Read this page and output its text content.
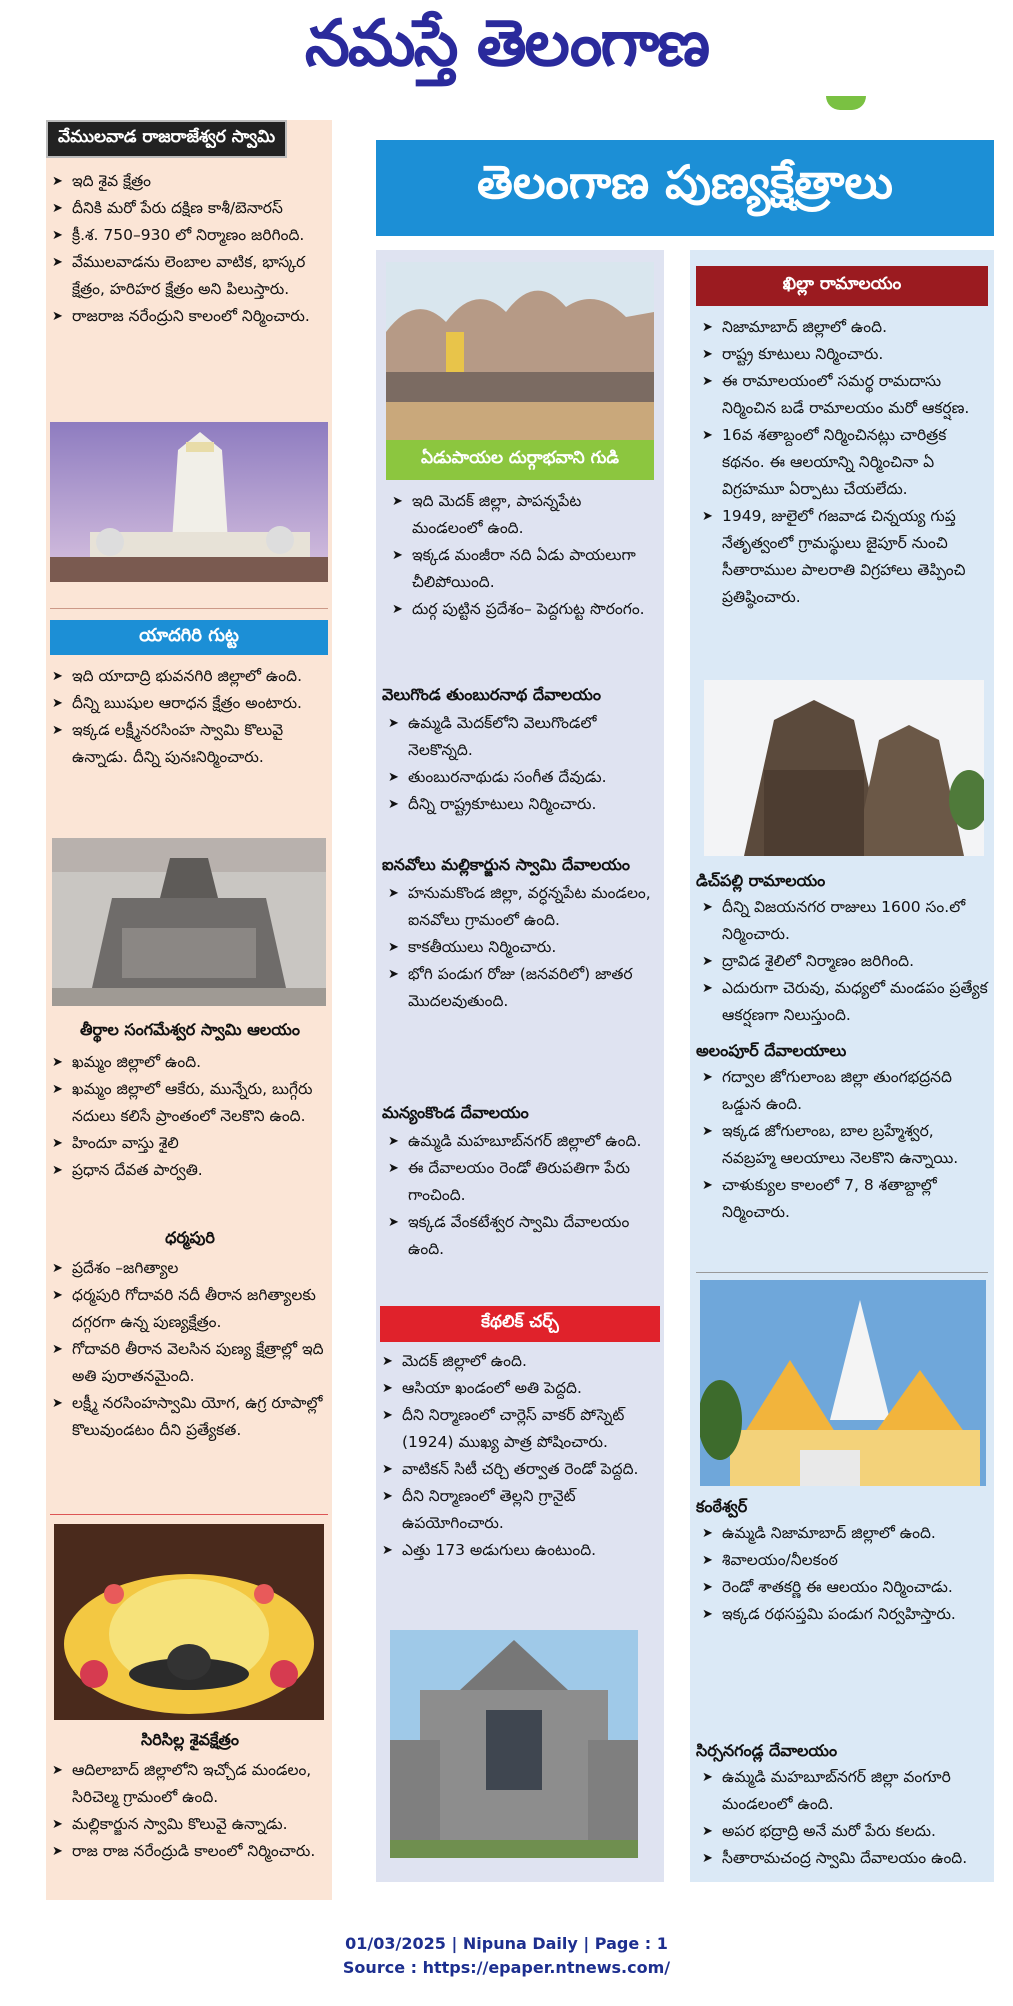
నమస్తే తెలంగాణ
తెలంగాణ పుణ్యక్షేత్రాలు
వేములవాడ రాజరాజేశ్వర స్వామి
➤ ఇది శైవ క్షేత్రం
➤ దీనికి మరో పేరు దక్షిణ కాశీ/బెనారస్
➤ క్రీ.శ. 750–930 లో నిర్మాణం జరిగింది.
➤ వేములవాడను లెంబాల వాటిక, భాస్కర క్షేత్రం, హరిహర క్షేత్రం అని పిలుస్తారు.
➤ రాజరాజ నరేంద్రుని కాలంలో నిర్మించారు.
యాదగిరి గుట్ట
➤ ఇది యాదాద్రి భువనగిరి జిల్లాలో ఉంది.
➤ దీన్ని ఋషుల ఆరాధన క్షేత్రం అంటారు.
➤ ఇక్కడ లక్ష్మీనరసింహ స్వామి కొలువై ఉన్నాడు. దీన్ని పునఃనిర్మించారు.
తీర్థాల సంగమేశ్వర స్వామి ఆలయం
➤ ఖమ్మం జిల్లాలో ఉంది.
➤ ఖమ్మం జిల్లాలో ఆకేరు, మున్నేరు, బుగ్గేరు నదులు కలిసే ప్రాంతంలో నెలకొని ఉంది.
➤ హిందూ వాస్తు శైలి
➤ ప్రధాన దేవత పార్వతి.
ధర్మపురి
➤ ప్రదేశం –జగిత్యాల
➤ ధర్మపురి గోదావరి నదీ తీరాన జగిత్యాలకు దగ్గరగా ఉన్న పుణ్యక్షేత్రం.
➤ గోదావరి తీరాన వెలసిన పుణ్య క్షేత్రాల్లో ఇది అతి పురాతనమైంది.
➤ లక్ష్మీ నరసింహస్వామి యోగ, ఉగ్ర రూపాల్లో కొలువుండటం దీని ప్రత్యేకత.
సిరిసిల్ల శైవక్షేత్రం
➤ ఆదిలాబాద్ జిల్లాలోని ఇచ్చోడ మండలం, సిరిచెల్మ గ్రామంలో ఉంది.
➤ మల్లికార్జున స్వామి కొలువై ఉన్నాడు.
➤ రాజ రాజ నరేంద్రుడి కాలంలో నిర్మించారు.
ఏడుపాయల దుర్గాభవాని గుడి
➤ ఇది మెదక్ జిల్లా, పాపన్నపేట మండలంలో ఉంది.
➤ ఇక్కడ మంజీరా నది ఏడు పాయలుగా చీలిపోయింది.
➤ దుర్గ పుట్టిన ప్రదేశం– పెద్దగుట్ట సొరంగం.
వెలుగొండ తుంబురనాథ దేవాలయం
➤ ఉమ్మడి మెదక్‌లోని వెలుగొండలో నెలకొన్నది.
➤ తుంబురనాథుడు సంగీత దేవుడు.
➤ దీన్ని రాష్ట్రకూటులు నిర్మించారు.
ఐనవోలు మల్లికార్జున స్వామి దేవాలయం
➤ హనుమకొండ జిల్లా, వర్ధన్నపేట మండలం, ఐనవోలు గ్రామంలో ఉంది.
➤ కాకతీయులు నిర్మించారు.
➤ భోగి పండుగ రోజు (జనవరిలో) జాతర మొదలవుతుంది.
మన్యంకొండ దేవాలయం
➤ ఉమ్మడి మహబూబ్‌నగర్ జిల్లాలో ఉంది.
➤ ఈ దేవాలయం రెండో తిరుపతిగా పేరు గాంచింది.
➤ ఇక్కడ వేంకటేశ్వర స్వామి దేవాలయం ఉంది.
కేథలిక్ చర్చ్
➤ మెదక్ జిల్లాలో ఉంది.
➤ ఆసియా ఖండంలో అతి పెద్దది.
➤ దీని నిర్మాణంలో చార్లెస్ వాకర్ పోస్నెట్ (1924) ముఖ్య పాత్ర పోషించారు.
➤ వాటికన్ సిటీ చర్చి తర్వాత రెండో పెద్దది.
➤ దీని నిర్మాణంలో తెల్లని గ్రానైట్ ఉపయోగించారు.
➤ ఎత్తు 173 అడుగులు ఉంటుంది.
ఖిల్లా రామాలయం
➤ నిజామాబాద్ జిల్లాలో ఉంది.
➤ రాష్ట్ర కూటులు నిర్మించారు.
➤ ఈ రామాలయంలో సమర్థ రామదాసు నిర్మించిన బడే రామాలయం మరో ఆకర్షణ.
➤ 16వ శతాబ్దంలో నిర్మించినట్లు చారిత్రక కథనం. ఈ ఆలయాన్ని నిర్మించినా ఏ విగ్రహమూ ఏర్పాటు చేయలేదు.
➤ 1949, జులైలో గజవాడ చిన్నయ్య గుప్త నేతృత్వంలో గ్రామస్థులు జైపూర్ నుంచి సీతారాముల పాలరాతి విగ్రహాలు తెప్పించి ప్రతిష్ఠించారు.
డిచ్‌పల్లి రామాలయం
➤ దీన్ని విజయనగర రాజులు 1600 సం.లో నిర్మించారు.
➤ ద్రావిడ శైలిలో నిర్మాణం జరిగింది.
➤ ఎదురుగా చెరువు, మధ్యలో మండపం ప్రత్యేక ఆకర్షణగా నిలుస్తుంది.
అలంపూర్ దేవాలయాలు
➤ గద్వాల జోగులాంబ జిల్లా తుంగభద్రనది ఒడ్డున ఉంది.
➤ ఇక్కడ జోగులాంబ, బాల బ్రహ్మేశ్వర, నవబ్రహ్మ ఆలయాలు నెలకొని ఉన్నాయి.
➤ చాళుక్యుల కాలంలో 7, 8 శతాబ్దాల్లో నిర్మించారు.
కంఠేశ్వర్
➤ ఉమ్మడి నిజామాబాద్ జిల్లాలో ఉంది.
➤ శివాలయం/నీలకంఠ
➤ రెండో శాతకర్ణి ఈ ఆలయం నిర్మించాడు.
➤ ఇక్కడ రథసప్తమి పండుగ నిర్వహిస్తారు.
సిర్సనగండ్ల దేవాలయం
➤ ఉమ్మడి మహబూబ్‌నగర్ జిల్లా వంగూరి మండలంలో ఉంది.
➤ అపర భద్రాద్రి అనే మరో పేరు కలదు.
➤ సీతారామచంద్ర స్వామి దేవాలయం ఉంది.
01/03/2025 | Nipuna Daily | Page : 1
Source : https://epaper.ntnews.com/
